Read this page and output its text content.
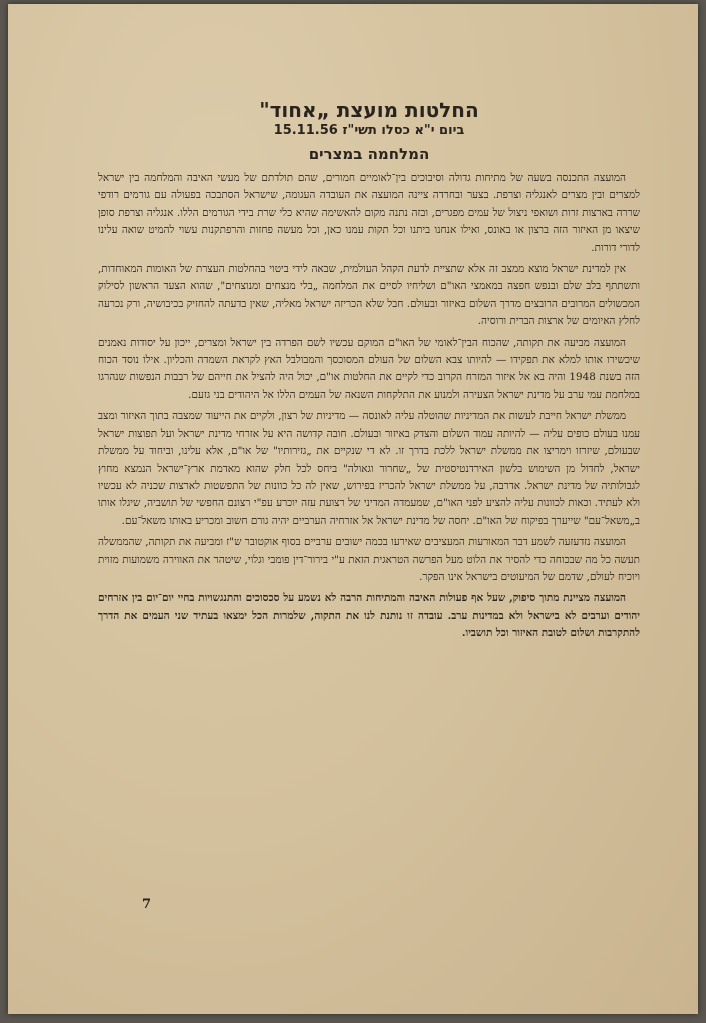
החלטות מועצת „אחוד"

ביום י"א כסלו תשי"ז 15.11.56

המלחמה במצרים

המועצה התכנסה בשעה של מתיחות גדולה וסיבוכים בין־לאומיים חמורים, שהם תולדתם של מעשי האיבה והמלחמה בין ישראל למצרים ובין מצרים לאנגליה וצרפת. בצער ובחרדה ציינה המועצה את העובדה העגומה, שישראל הסתבכה בפעולה עם גורמים רודפי שררה בארצות זרות ושואפי ניצול של עמים מפגרים, ובזה נתנה מקום להאשימה שהיא כלי שרת בידי הגורמים הללו. אנגליה וצרפת סופן שיצאו מן האיזור הזה ברצון או באונס, ואילו אנחנו ביתנו וכל תקות עמנו כאן, וכל מעשה פחזות והרפתקנות עשוי להמיט שואה עלינו לדורי דורות.

אין למדינת ישראל מוצא ממצב זה אלא שתציית לדעת הקהל העולמית, שבאה לידי ביטוי בהחלטות העצרת של האומות המאוחדות, ותשתתף בלב שלם ובנפש חפצה במאמצי האו"ם ושליחיו לסיים את המלחמה „בלי מנצחים ומנוצחים", שהוא הצעד הראשון לסילוק המכשולים המרובים הרובצים מדרך השלום באיזור ובעולם. חבל שלא הכריזה ישראל מאליה, שאין בדעתה להחזיק בכיבושיה, ורק נכרעה לחלץ האיומים של ארצות הברית ורוסיה.

המועצה מביעה את תקותה, שהכוח הבין־לאומי של האו"ם המוקם עכשיו לשם הפרדה בין ישראל ומצרים, ייכון על יסודות נאמנים שיכשירו אותו למלא את תפקידו — להיותו צבא השלום של העולם המסוכסך והמבולבל האץ לקראת השמדה והכליון. אילו נוסד הכוח הזה בשנת 1948 והיה בא אל איזור המזרח הקרוב כדי לקיים את החלטות או"ם, יכול היה להציל את חייהם של רבבות הנפשות שנהרגו במלחמת עמי ערב על מדינת ישראל הצעירה ולמנוע את התלקחות השנאה של העמים הללו אל היהודים בני גזעם.

ממשלת ישראל חייבת לעשות את המדיניות שהוטלה עליה לאונסה — מדיניות של רצון, ולקיים את הייעוד שמצבה בתוך האיזור ומצב עמנו בעולם כופים עליה — להיותה עמוד השלום והצדק באיזור ובעולם. חובה קדושה היא על אזרחי מדינת ישראל ועל תפוצות ישראל שבעולם, שיזרזו וימריצו את ממשלת ישראל ללכת בדרך זו. לא די שנקיים את „גזירותיו" של או"ם, אלא עלינו, וביחוד על ממשלת ישראל, לחדול מן השימוש בלשון האירדנטיסטית של „שחרור וגאולה" ביחס לכל חלק שהוא מאדמת ארץ־ישראל הנמצא מחוץ לגבולותיה של מדינת ישראל. אדרבה, על ממשלת ישראל להכריז בפירוש, שאין לה כל כוונות של התפשטות לארצות שכניה לא עכשיו ולא לעתיד. וכאות לכוונות עליה להציע לפני האו"ם, שמעמדה המדיני של רצועת עזה יוכרע עפ"י רצונם החפשי של תושביה, שיגלו אותו ב„משאל־עם" שייערך בפיקוח של האו"ם. יחסה של מדינת ישראל אל אזרחיה הערביים יהיה גורם חשוב ומכריע באותו משאל־עם.

המועצה נזדעזעה לשמע דבר המאורעות המעציבים שאירעו בכמה ישובים ערביים בסוף אוקטובר ש"ז ומביעה את תקותה, שהממשלה תעשה כל מה שבכוחה כדי להסיר את הלוט מעל הפרשה הטראגית הזאת ע"י בירור־דין פומבי וגלוי, שיטהר את האווירה משמועות מזוית ויוכיח לעולם, שדמם של המיעוטים בישראל אינו הפקר.

המועצה מציינת מתוך סיפוק, שעל אף פעולות האיבה והמתיחות הרבה לא נשמע על סכסוכים והתנגשויות בחיי יום־יום בין אזרחים יהודים וערבים לא בישראל ולא במדינות ערב. עובדה זו נותנת לנו את התקוה, שלמרות הכל ימצאו בעתיד שני העמים את הדרך להתקרבות ושלום לטובת האיזור וכל תושביו.

7
